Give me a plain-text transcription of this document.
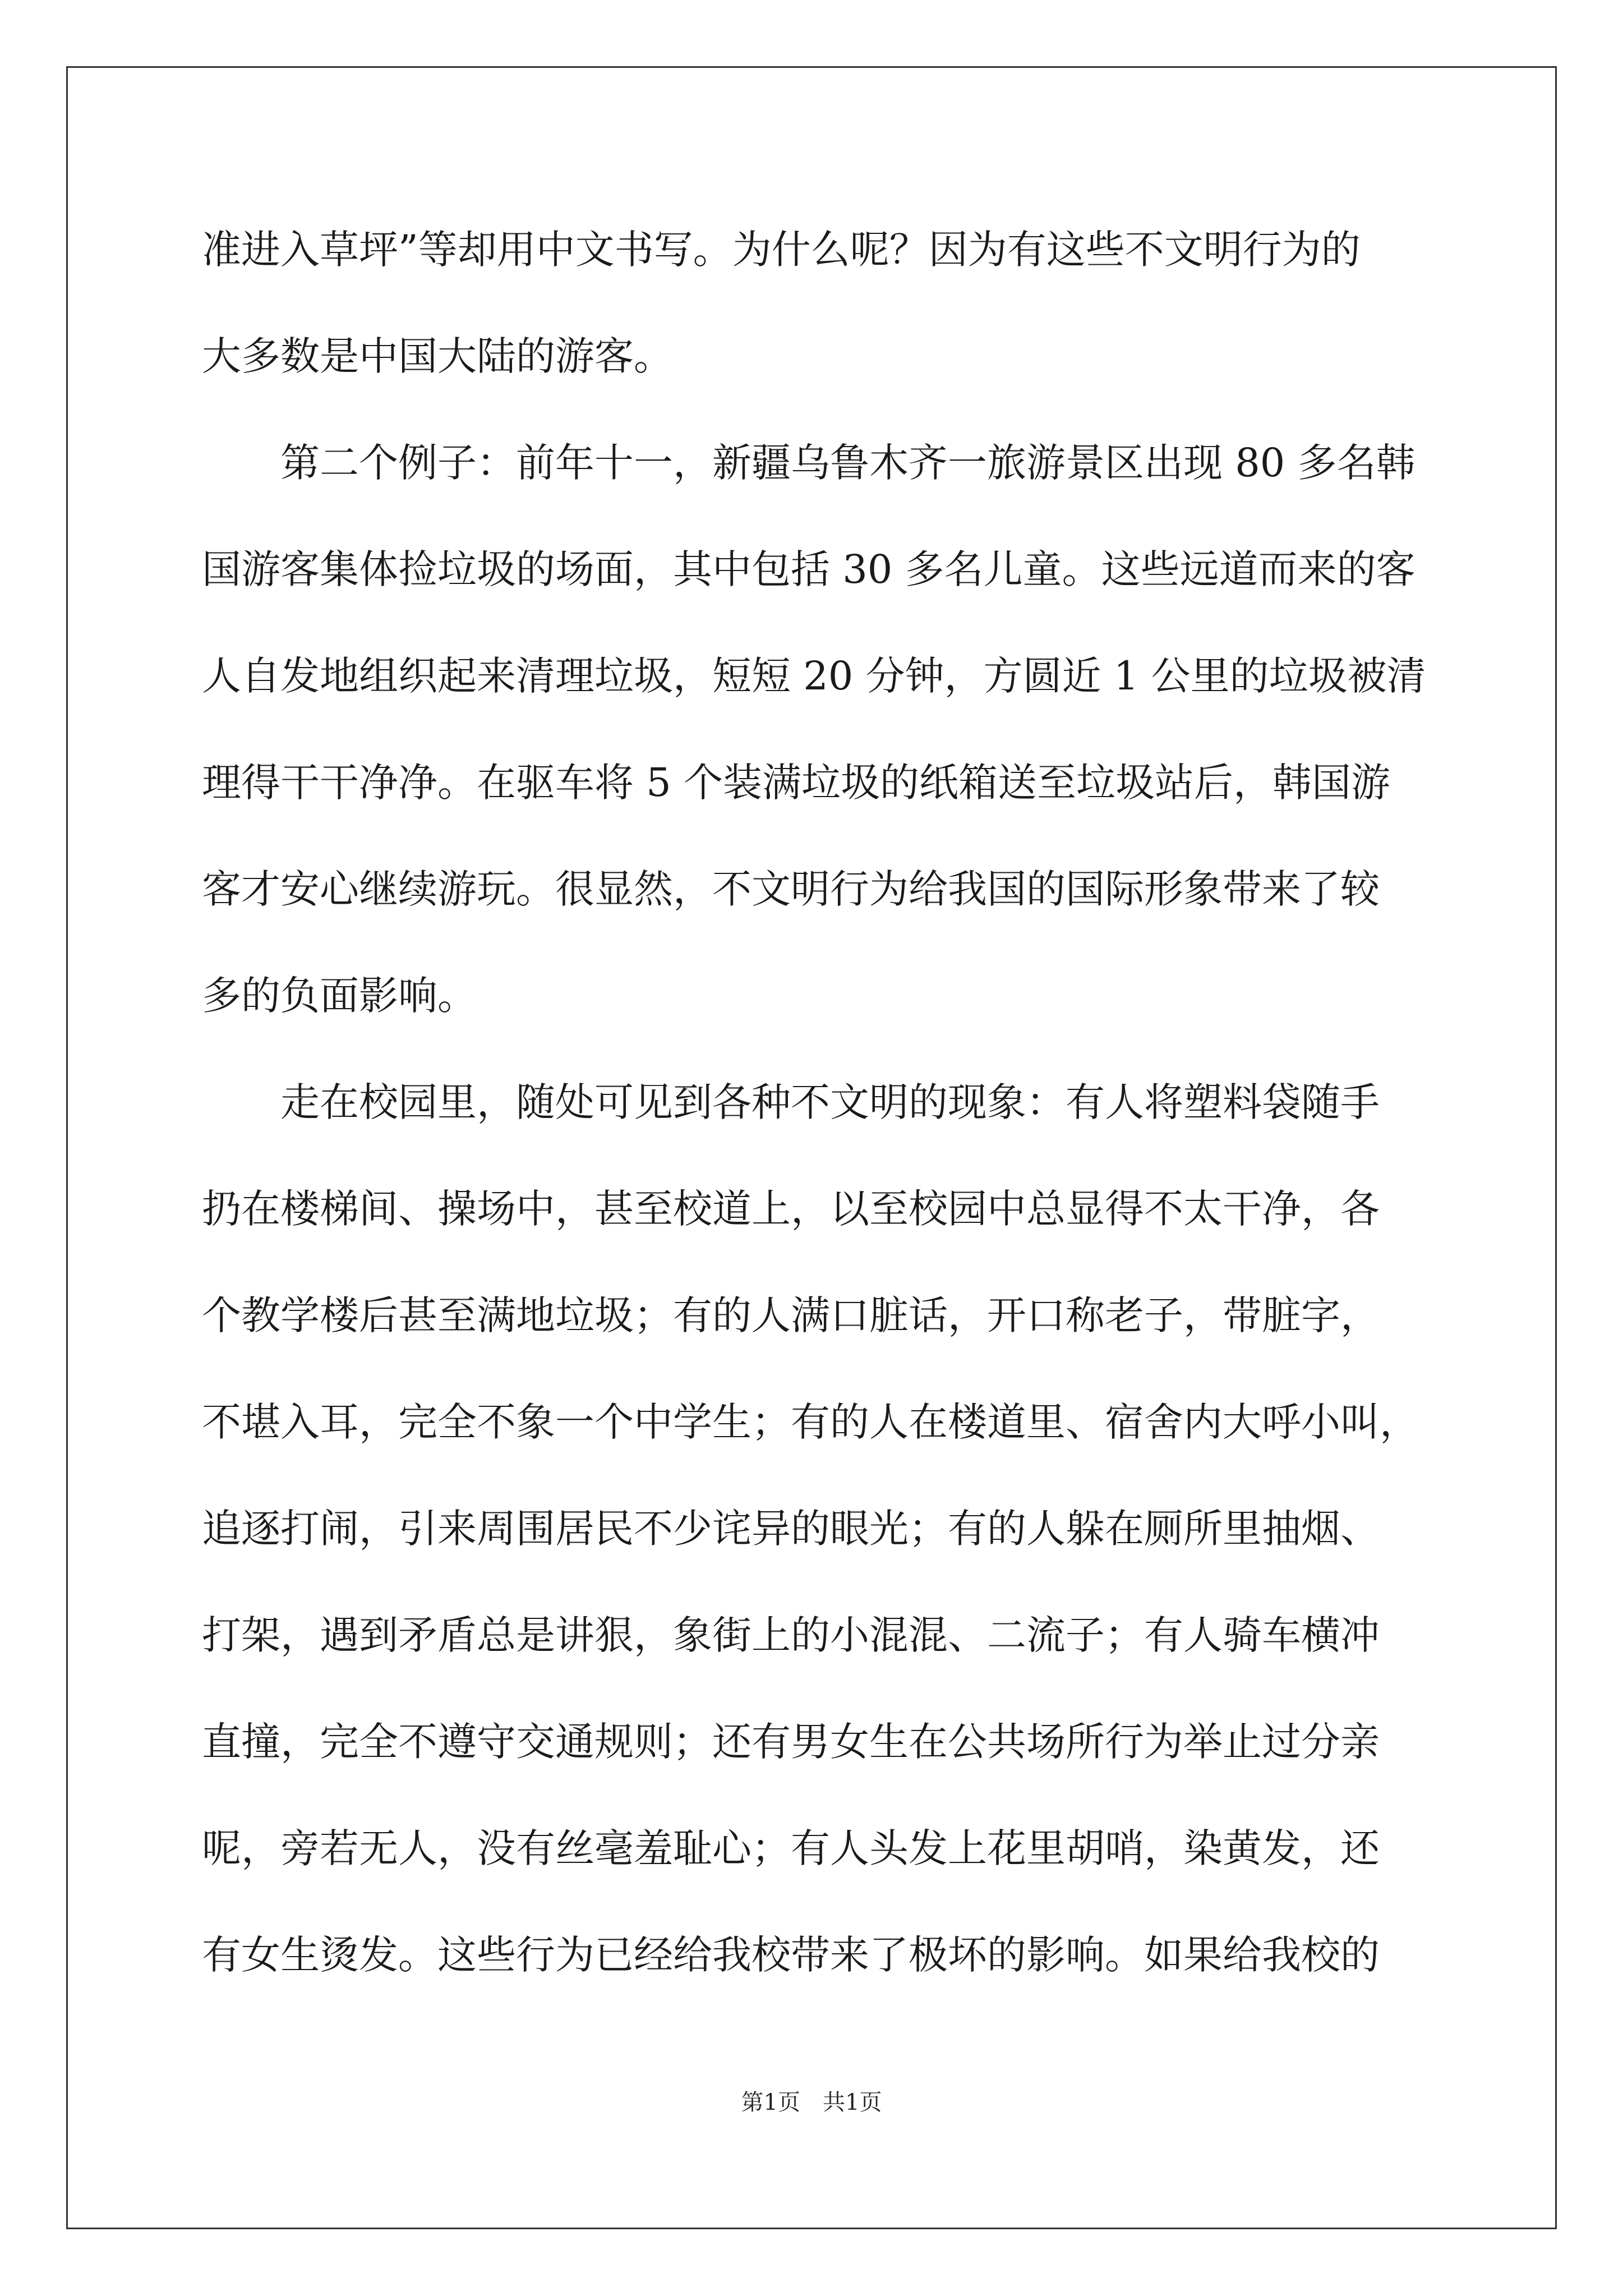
准进入草坪”等却用中文书写。为什么呢？因为有这些不文明行为的
大多数是中国大陆的游客。
第二个例子：前年十一，新疆乌鲁木齐一旅游景区出现 80 多名韩
国游客集体捡垃圾的场面，其中包括 30 多名儿童。这些远道而来的客
人自发地组织起来清理垃圾，短短 20 分钟，方圆近 1 公里的垃圾被清
理得干干净净。在驱车将 5 个装满垃圾的纸箱送至垃圾站后，韩国游
客才安心继续游玩。很显然，不文明行为给我国的国际形象带来了较
多的负面影响。
走在校园里，随处可见到各种不文明的现象：有人将塑料袋随手
扔在楼梯间、操场中，甚至校道上，以至校园中总显得不太干净，各
个教学楼后甚至满地垃圾；有的人满口脏话，开口称老子，带脏字，
不堪入耳，完全不象一个中学生；有的人在楼道里、宿舍内大呼小叫，
追逐打闹，引来周围居民不少诧异的眼光；有的人躲在厕所里抽烟、
打架，遇到矛盾总是讲狠，象街上的小混混、二流子；有人骑车横冲
直撞，完全不遵守交通规则；还有男女生在公共场所行为举止过分亲
呢，旁若无人，没有丝毫羞耻心；有人头发上花里胡哨，染黄发，还
有女生烫发。这些行为已经给我校带来了极坏的影响。如果给我校的
第1页　共1页
